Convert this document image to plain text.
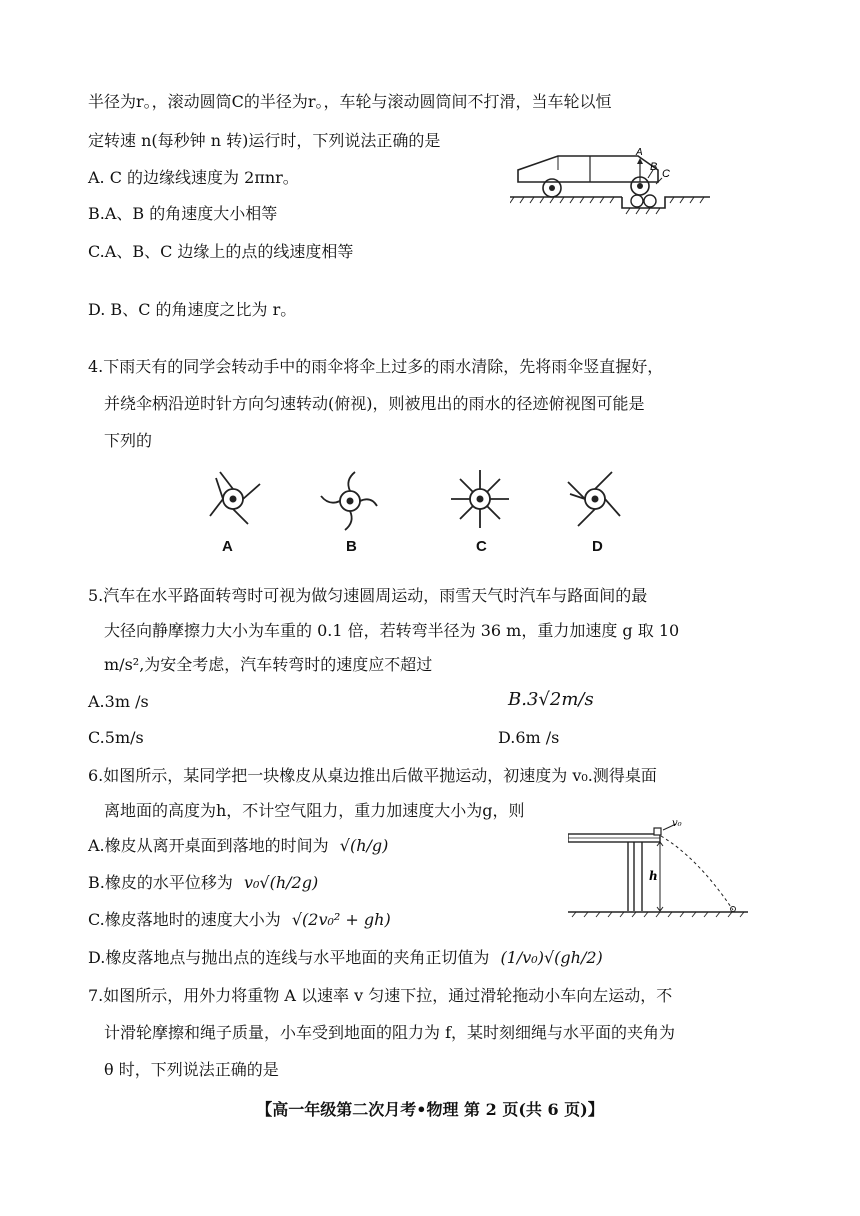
半径为r。，滚动圆筒C的半径为r。，车轮与滚动圆筒间不打滑，当车轮以恒
定转速 n(每秒钟 n 转)运行时，下列说法正确的是
A. C 的边缘线速度为 2πnr。
B.A、B 的角速度大小相等
C.A、B、C 边缘上的点的线速度相等
D. B、C 的角速度之比为 r。
A
B
C
4.下雨天有的同学会转动手中的雨伞将伞上过多的雨水清除，先将雨伞竖直握好，
并绕伞柄沿逆时针方向匀速转动(俯视)，则被甩出的雨水的径迹俯视图可能是
下列的
A	B	C	D
5.汽车在水平路面转弯时可视为做匀速圆周运动，雨雪天气时汽车与路面间的最
大径向静摩擦力大小为车重的 0.1 倍，若转弯半径为 36 m，重力加速度 g 取 10
m/s²,为安全考虑，汽车转弯时的速度应不超过
A.3m /s	B.3√2m/s
C.5m/s	D.6m /s
6.如图所示，某同学把一块橡皮从桌边推出后做平抛运动，初速度为 v₀.测得桌面
离地面的高度为h，不计空气阻力，重力加速度大小为g，则
A.橡皮从离开桌面到落地的时间为 √(h/g)
B.橡皮的水平位移为 v₀√(h/2g)
C.橡皮落地时的速度大小为 √(2v₀² + gh)
D.橡皮落地点与抛出点的连线与水平地面的夹角正切值为 (1/v₀)√(gh/2)
v₀
h
7.如图所示，用外力将重物 A 以速率 v 匀速下拉，通过滑轮拖动小车向左运动，不
计滑轮摩擦和绳子质量，小车受到地面的阻力为 f，某时刻细绳与水平面的夹角为
θ 时，下列说法正确的是
【高一年级第二次月考•物理 第 2 页(共 6 页)】
